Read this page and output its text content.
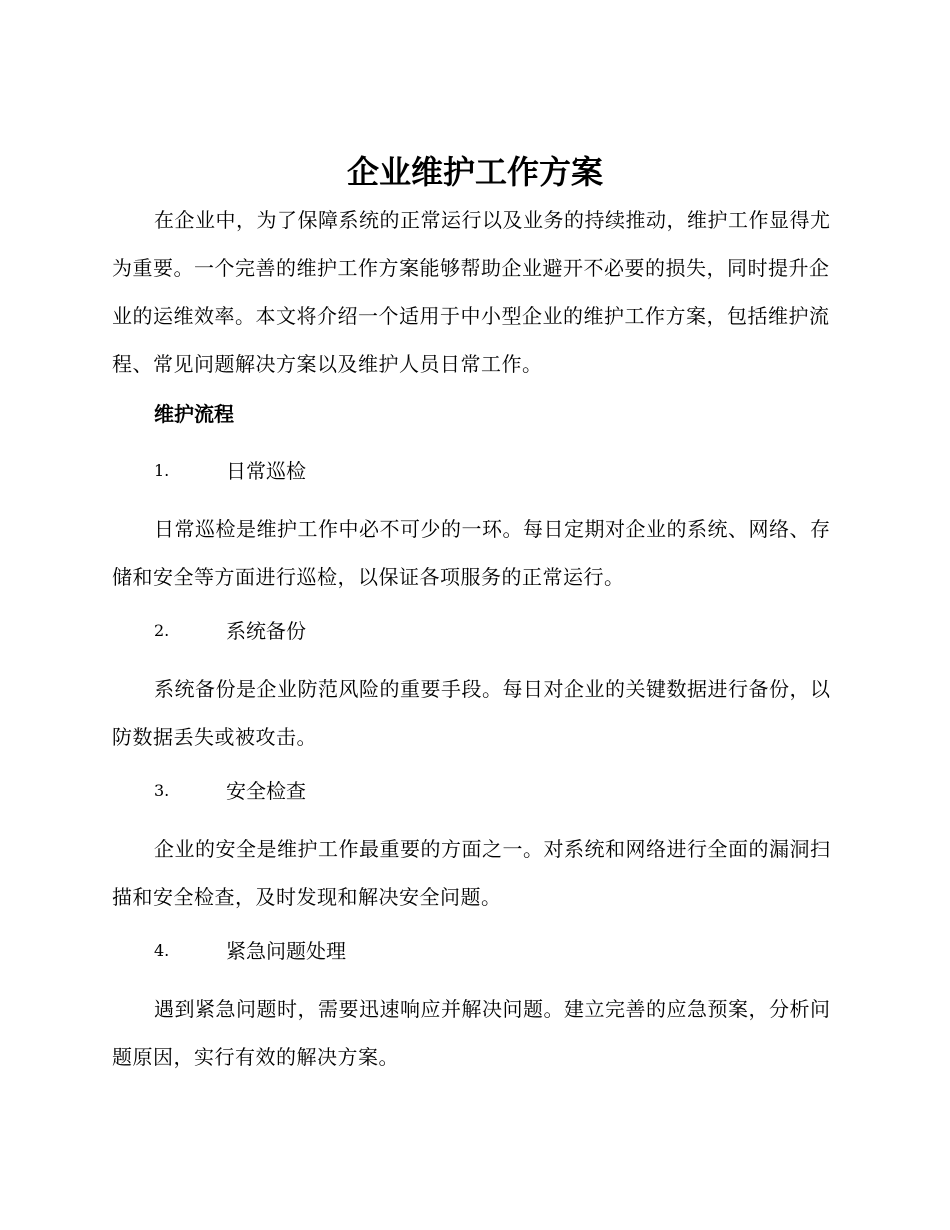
企业维护工作方案

在企业中，为了保障系统的正常运行以及业务的持续推动，维护工作显得尤为重要。一个完善的维护工作方案能够帮助企业避开不必要的损失，同时提升企业的运维效率。本文将介绍一个适用于中小型企业的维护工作方案，包括维护流程、常见问题解决方案以及维护人员日常工作。

维护流程
1.	日常巡检

日常巡检是维护工作中必不可少的一环。每日定期对企业的系统、网络、存储和安全等方面进行巡检，以保证各项服务的正常运行。

2.	系统备份

系统备份是企业防范风险的重要手段。每日对企业的关键数据进行备份，以防数据丢失或被攻击。

3.	安全检查

企业的安全是维护工作最重要的方面之一。对系统和网络进行全面的漏洞扫描和安全检查，及时发现和解决安全问题。

4.	紧急问题处理

遇到紧急问题时，需要迅速响应并解决问题。建立完善的应急预案，分析问题原因，实行有效的解决方案。
